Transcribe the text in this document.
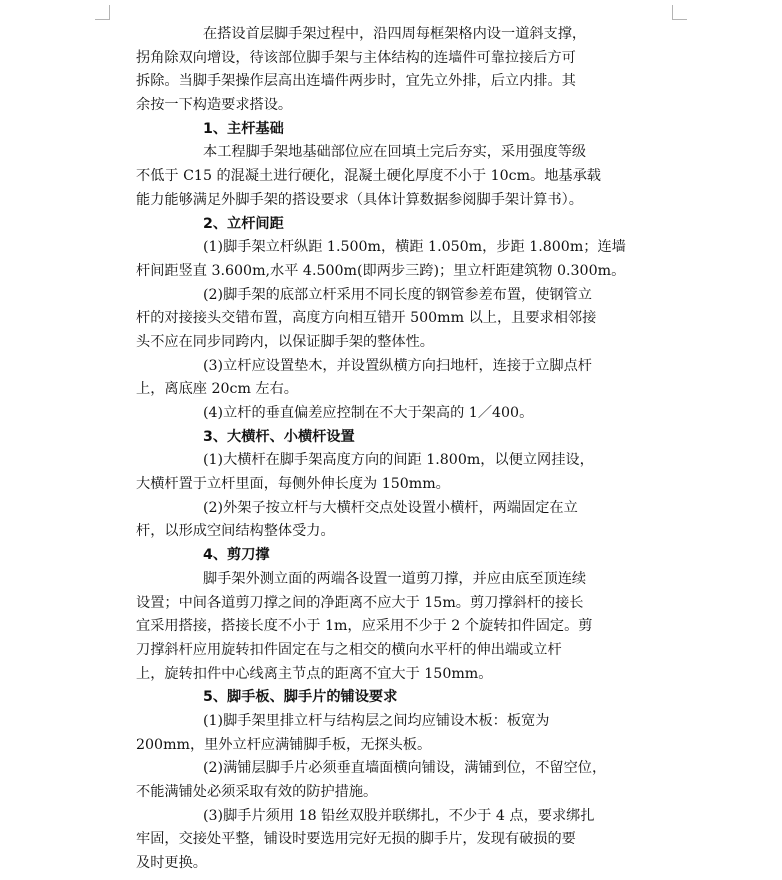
在搭设首层脚手架过程中，沿四周每框架格内设一道斜支撑，
拐角除双向增设，待该部位脚手架与主体结构的连墙件可靠拉接后方可
拆除。当脚手架操作层高出连墙件两步时，宜先立外排，后立内排。其
余按一下构造要求搭设。
1、主杆基础
本工程脚手架地基础部位应在回填土完后夯实，采用强度等级
不低于 C15 的混凝土进行硬化，混凝土硬化厚度不小于 10cm。地基承载
能力能够满足外脚手架的搭设要求（具体计算数据参阅脚手架计算书）。
2、立杆间距
(1)脚手架立杆纵距 1.500m，横距 1.050m，步距 1.800m；连墙
杆间距竖直 3.600m,水平 4.500m(即两步三跨)；里立杆距建筑物 0.300m。
(2)脚手架的底部立杆采用不同长度的钢管参差布置，使钢管立
杆的对接接头交错布置，高度方向相互错开 500mm 以上，且要求相邻接
头不应在同步同跨内，以保证脚手架的整体性。
(3)立杆应设置垫木，并设置纵横方向扫地杆，连接于立脚点杆
上，离底座 20cm 左右。
(4)立杆的垂直偏差应控制在不大于架高的 1／400。
3、大横杆、小横杆设置
(1)大横杆在脚手架高度方向的间距 1.800m，以便立网挂设，
大横杆置于立杆里面，每侧外伸长度为 150mm。
(2)外架子按立杆与大横杆交点处设置小横杆，两端固定在立
杆，以形成空间结构整体受力。
4、剪刀撑
脚手架外测立面的两端各设置一道剪刀撑，并应由底至顶连续
设置；中间各道剪刀撑之间的净距离不应大于 15m。剪刀撑斜杆的接长
宜采用搭接，搭接长度不小于 1m，应采用不少于 2 个旋转扣件固定。剪
刀撑斜杆应用旋转扣件固定在与之相交的横向水平杆的伸出端或立杆
上，旋转扣件中心线离主节点的距离不宜大于 150mm。
5、脚手板、脚手片的铺设要求
(1)脚手架里排立杆与结构层之间均应铺设木板：板宽为
200mm，里外立杆应满铺脚手板，无探头板。
(2)满铺层脚手片必须垂直墙面横向铺设，满铺到位，不留空位，
不能满铺处必须采取有效的防护措施。
(3)脚手片须用 18 铅丝双股并联绑扎，不少于 4 点，要求绑扎
牢固，交接处平整，铺设时要选用完好无损的脚手片，发现有破损的要
及时更换。
